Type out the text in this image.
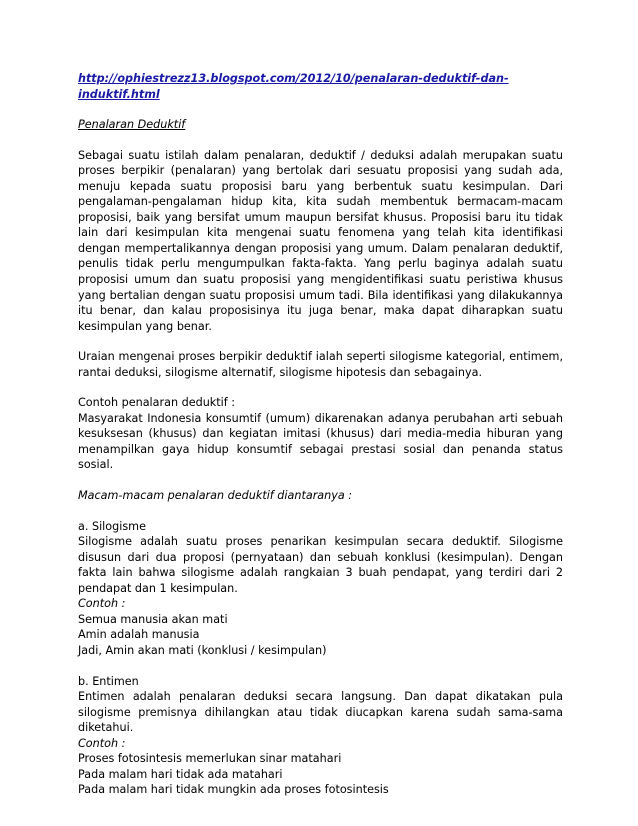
http://ophiestrezz13.blogspot.com/2012/10/penalaran-deduktif-dan-induktif.html
Penalaran Deduktif

Sebagai suatu istilah dalam penalaran, deduktif / deduksi adalah merupakan suatu proses berpikir (penalaran) yang bertolak dari sesuatu proposisi yang sudah ada, menuju kepada suatu proposisi baru yang berbentuk suatu kesimpulan. Dari pengalaman-pengalaman hidup kita, kita sudah membentuk bermacam-macam proposisi, baik yang bersifat umum maupun bersifat khusus. Proposisi baru itu tidak lain dari kesimpulan kita mengenai suatu fenomena yang telah kita identifikasi dengan mempertalikannya dengan proposisi yang umum. Dalam penalaran deduktif, penulis tidak perlu mengumpulkan fakta-fakta. Yang perlu baginya adalah suatu proposisi umum dan suatu proposisi yang mengidentifikasi suatu peristiwa khusus yang bertalian dengan suatu proposisi umum tadi. Bila identifikasi yang dilakukannya itu benar, dan kalau proposisinya itu juga benar, maka dapat diharapkan suatu kesimpulan yang benar.

Uraian mengenai proses berpikir deduktif ialah seperti silogisme kategorial, entimem, rantai deduksi, silogisme alternatif, silogisme hipotesis dan sebagainya.

Contoh penalaran deduktif :

Masyarakat Indonesia konsumtif (umum) dikarenakan adanya perubahan arti sebuah kesuksesan (khusus) dan kegiatan imitasi (khusus) dari media-media hiburan yang menampilkan gaya hidup konsumtif sebagai prestasi sosial dan penanda status sosial.

Macam-macam penalaran deduktif diantaranya :

a. Silogisme

Silogisme adalah suatu proses penarikan kesimpulan secara deduktif. Silogisme disusun dari dua proposi (pernyataan) dan sebuah konklusi (kesimpulan). Dengan fakta lain bahwa silogisme adalah rangkaian 3 buah pendapat, yang terdiri dari 2 pendapat dan 1 kesimpulan.

Contoh :

Semua manusia akan mati

Amin adalah manusia

Jadi, Amin akan mati (konklusi / kesimpulan)

b. Entimen

Entimen adalah penalaran deduksi secara langsung. Dan dapat dikatakan pula silogisme premisnya dihilangkan atau tidak diucapkan karena sudah sama-sama diketahui.

Contoh :

Proses fotosintesis memerlukan sinar matahari

Pada malam hari tidak ada matahari

Pada malam hari tidak mungkin ada proses fotosintesis
